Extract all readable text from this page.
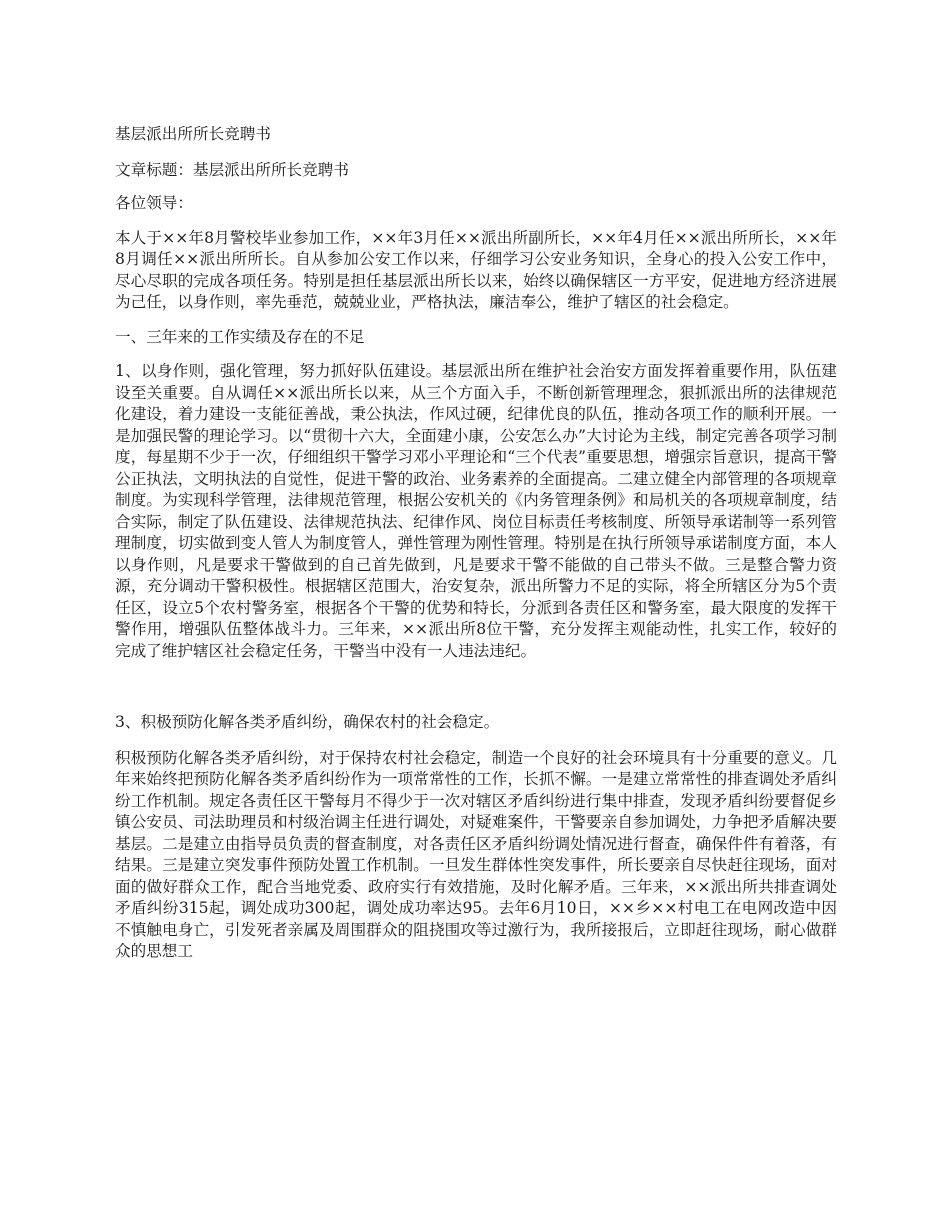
基层派出所所长竞聘书

文章标题：基层派出所所长竞聘书

各位领导：

本人于××年8月警校毕业参加工作，××年3月任××派出所副所长，××年4月任××派出所所长，××年8月调任××派出所所长。自从参加公安工作以来，仔细学习公安业务知识，全身心的投入公安工作中，尽心尽职的完成各项任务。特别是担任基层派出所长以来，始终以确保辖区一方平安，促进地方经济进展为己任，以身作则，率先垂范，兢兢业业，严格执法，廉洁奉公，维护了辖区的社会稳定。

一、三年来的工作实绩及存在的不足

1、以身作则，强化管理，努力抓好队伍建设。基层派出所在维护社会治安方面发挥着重要作用，队伍建设至关重要。自从调任××派出所长以来，从三个方面入手，不断创新管理理念，狠抓派出所的法律规范化建设，着力建设一支能征善战，秉公执法，作风过硬，纪律优良的队伍，推动各项工作的顺利开展。一是加强民警的理论学习。以“贯彻十六大，全面建小康，公安怎么办”大讨论为主线，制定完善各项学习制度，每星期不少于一次，仔细组织干警学习邓小平理论和“三个代表”重要思想，增强宗旨意识，提高干警公正执法，文明执法的自觉性，促进干警的政治、业务素养的全面提高。二建立健全内部管理的各项规章制度。为实现科学管理，法律规范管理，根据公安机关的《内务管理条例》和局机关的各项规章制度，结合实际，制定了队伍建设、法律规范执法、纪律作风、岗位目标责任考核制度、所领导承诺制等一系列管理制度，切实做到变人管人为制度管人，弹性管理为刚性管理。特别是在执行所领导承诺制度方面，本人以身作则，凡是要求干警做到的自己首先做到，凡是要求干警不能做的自己带头不做。三是整合警力资源，充分调动干警积极性。根据辖区范围大，治安复杂，派出所警力不足的实际，将全所辖区分为5个责任区，设立5个农村警务室，根据各个干警的优势和特长，分派到各责任区和警务室，最大限度的发挥干警作用，增强队伍整体战斗力。三年来，××派出所8位干警，充分发挥主观能动性，扎实工作，较好的完成了维护辖区社会稳定任务，干警当中没有一人违法违纪。

3、积极预防化解各类矛盾纠纷，确保农村的社会稳定。

积极预防化解各类矛盾纠纷，对于保持农村社会稳定，制造一个良好的社会环境具有十分重要的意义。几年来始终把预防化解各类矛盾纠纷作为一项常常性的工作，长抓不懈。一是建立常常性的排查调处矛盾纠纷工作机制。规定各责任区干警每月不得少于一次对辖区矛盾纠纷进行集中排查，发现矛盾纠纷要督促乡镇公安员、司法助理员和村级治调主任进行调处，对疑难案件，干警要亲自参加调处，力争把矛盾解决要基层。二是建立由指导员负责的督查制度，对各责任区矛盾纠纷调处情况进行督查，确保件件有着落，有结果。三是建立突发事件预防处置工作机制。一旦发生群体性突发事件，所长要亲自尽快赶往现场，面对面的做好群众工作，配合当地党委、政府实行有效措施，及时化解矛盾。三年来，××派出所共排查调处矛盾纠纷315起，调处成功300起，调处成功率达95。去年6月10日，××乡××村电工在电网改造中因不慎触电身亡，引发死者亲属及周围群众的阻挠围攻等过激行为，我所接报后，立即赶往现场，耐心做群众的思想工
